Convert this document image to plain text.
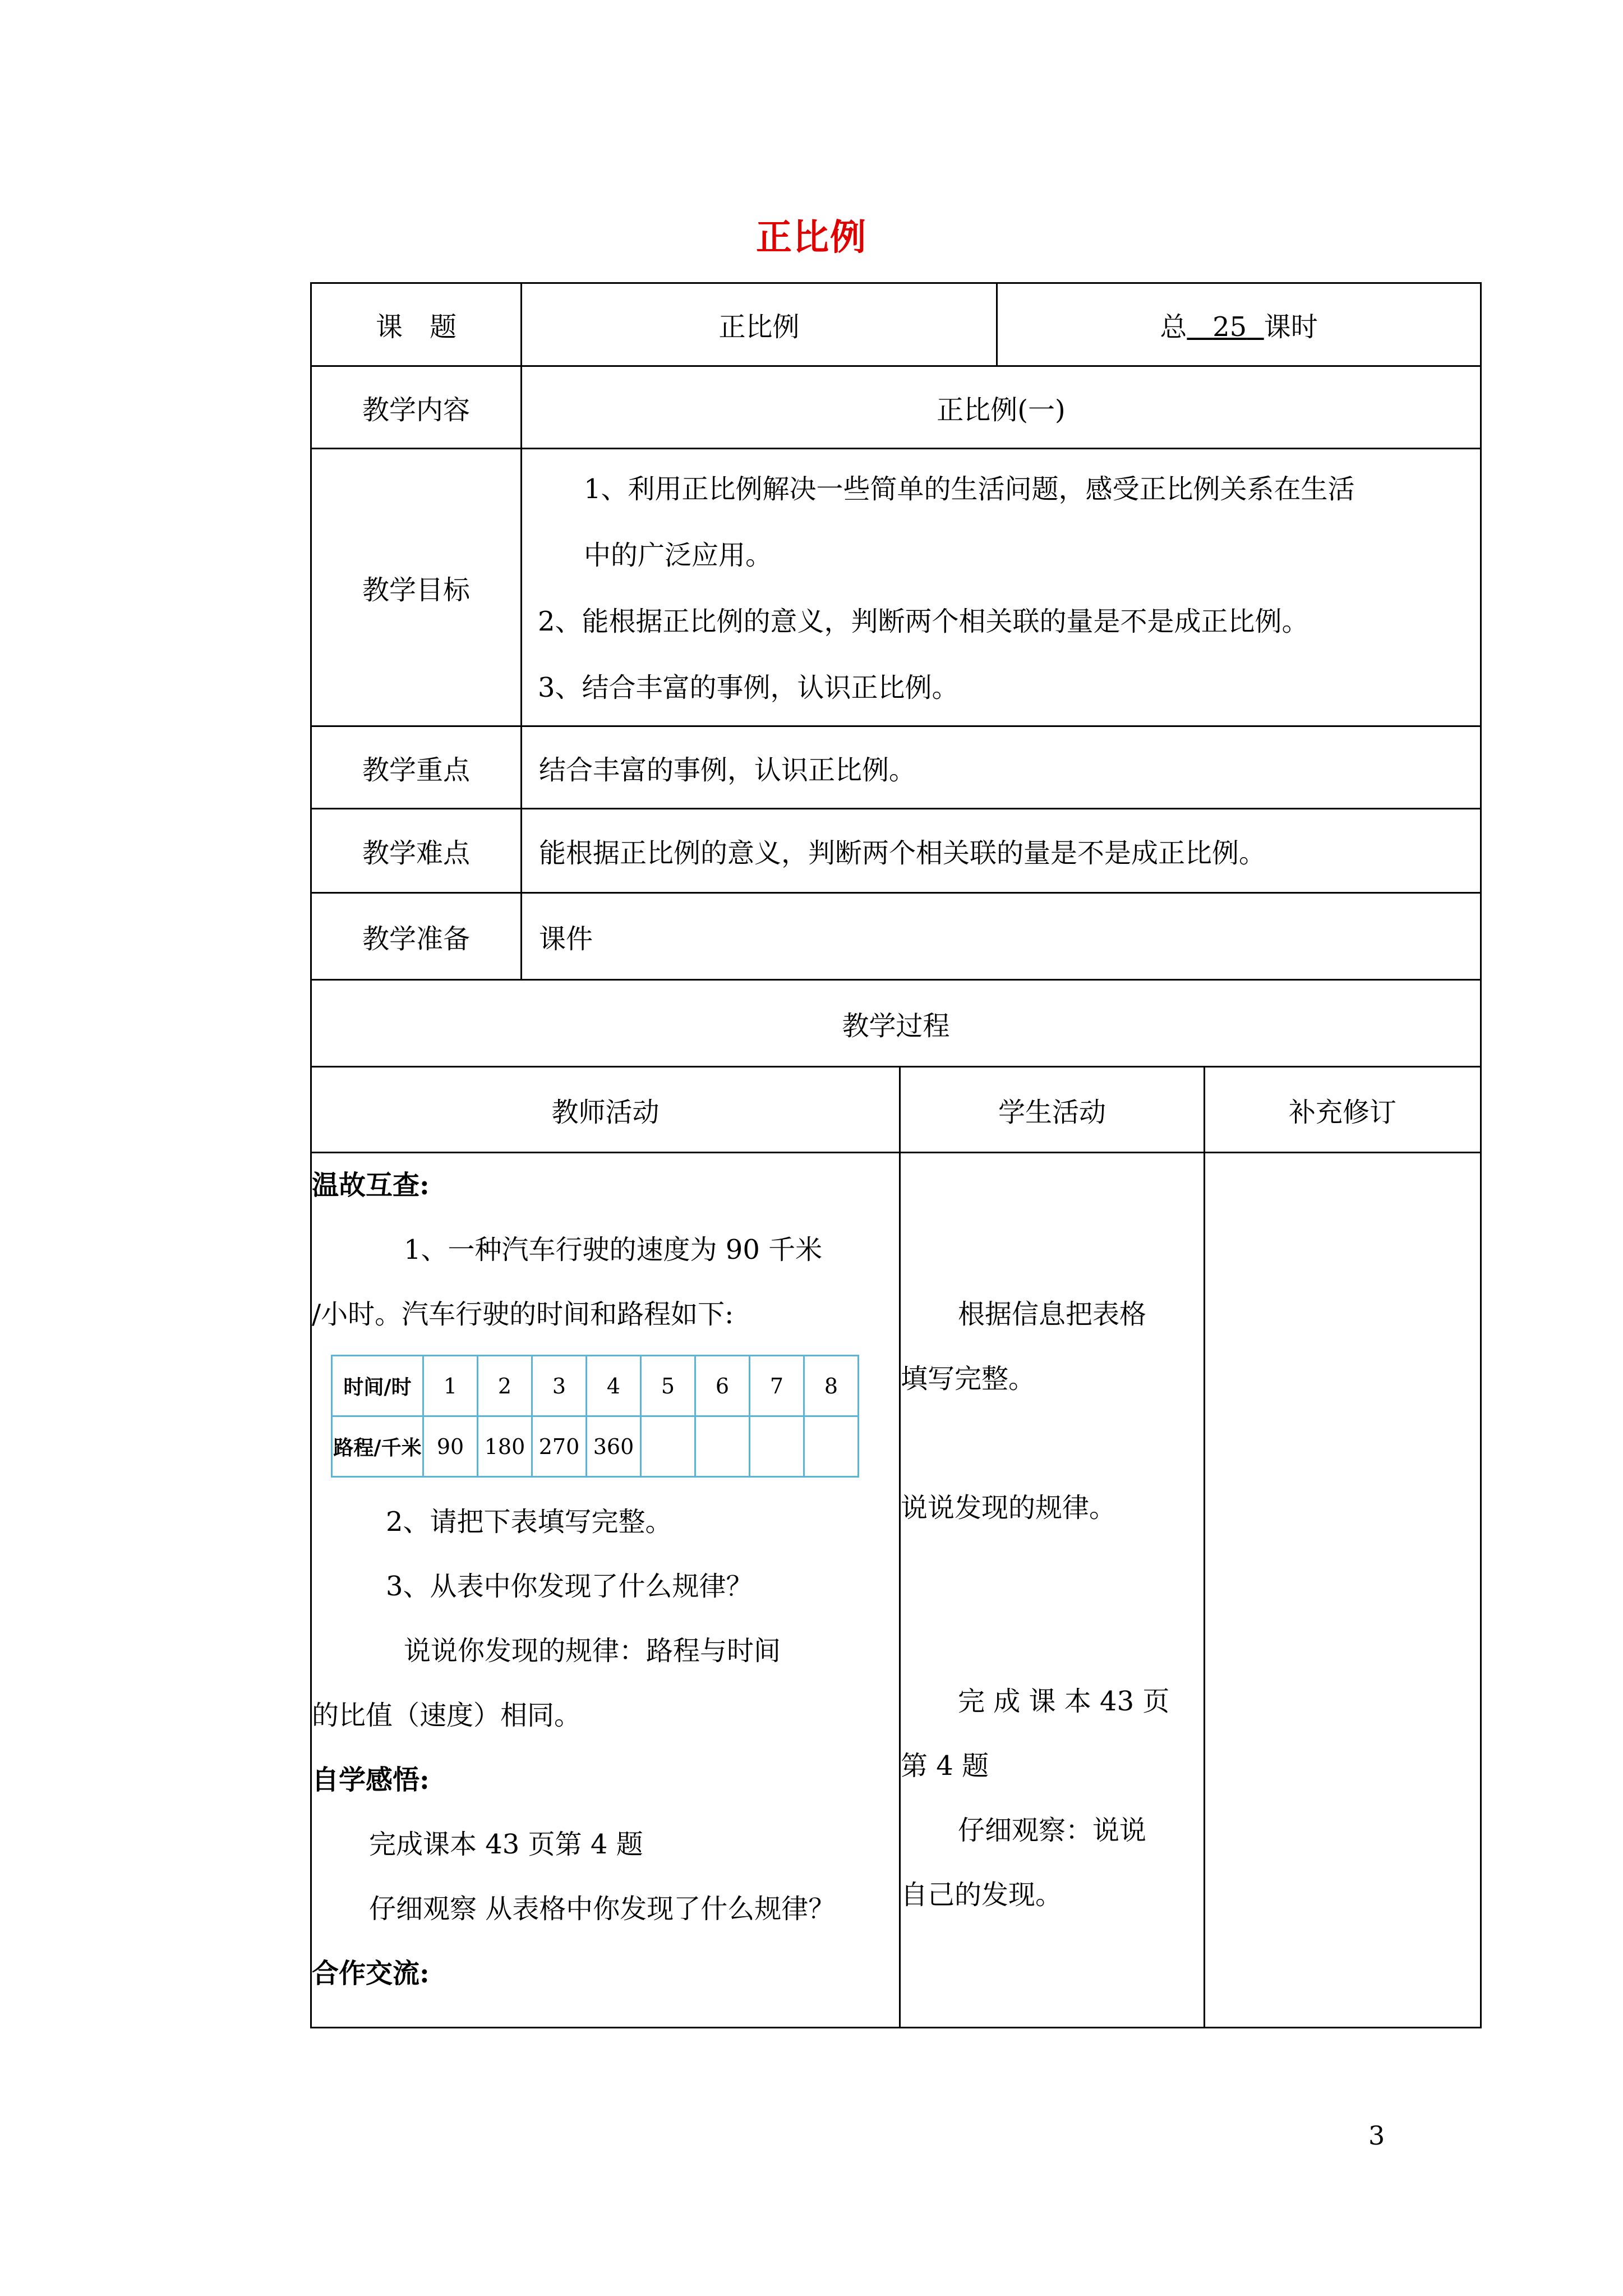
正比例
课　题	正比例	总 25 课时
教学内容	正比例(一)
教学目标	
1、利用正比例解决一些简单的生活问题，感受正比例关系在生活
中的广泛应用。
2、能根据正比例的意义，判断两个相关联的量是不是成正比例。
3、结合丰富的事例，认识正比例。

教学重点	结合丰富的事例，认识正比例。
教学难点	能根据正比例的意义，判断两个相关联的量是不是成正比例。
教学准备	课件
教学过程
教师活动	学生活动	补充修订

温故互查:

1、一种汽车行驶的速度为 90 千米

/小时。汽车行驶的时间和路程如下:

时间/时	1	2	3	4	5	6	7	8
路程/千米	90	180	270	360				

2、请把下表填写完整。

3、从表中你发现了什么规律？

说说你发现的规律：路程与时间

的比值（速度）相同。

自学感悟:

完成课本 43 页第 4 题

仔细观察 从表格中你发现了什么规律？

合作交流:

根据信息把表格

填写完整。

说说发现的规律。

完 成 课 本 43 页

第 4 题

仔细观察：说说

自己的发现。

3
